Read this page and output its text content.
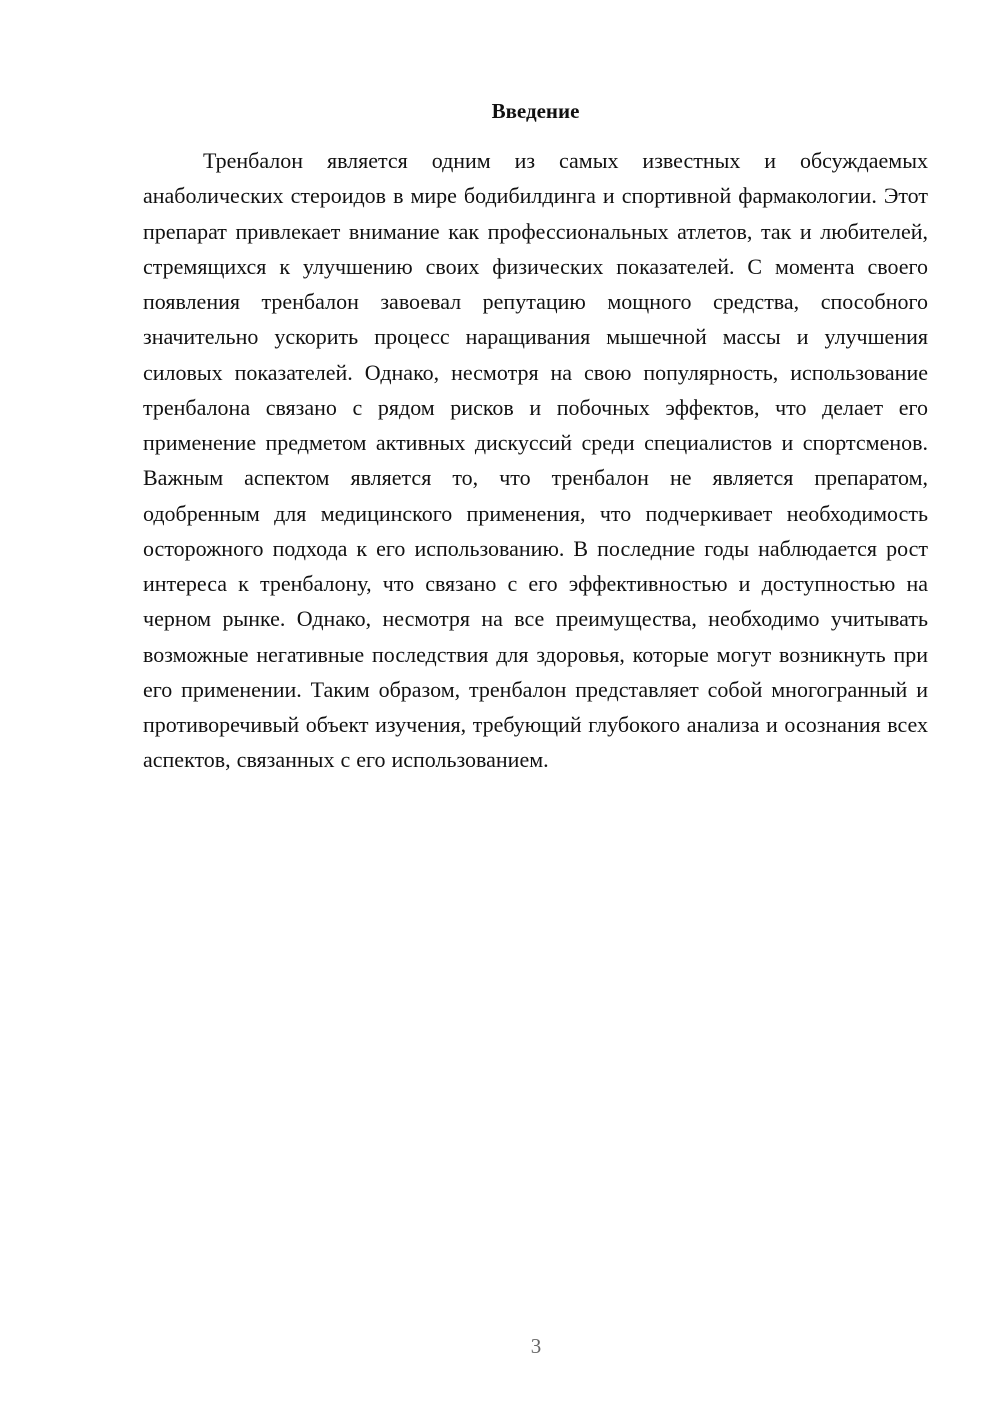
Введение

Тренбалон является одним из самых известных и обсуждаемых анаболических стероидов в мире бодибилдинга и спортивной фармакологии. Этот препарат привлекает внимание как профессиональных атлетов, так и любителей, стремящихся к улучшению своих физических показателей. С момента своего появления тренбалон завоевал репутацию мощного средства, способного значительно ускорить процесс наращивания мышечной массы и улучшения силовых показателей. Однако, несмотря на свою популярность, использование тренбалона связано с рядом рисков и побочных эффектов, что делает его применение предметом активных дискуссий среди специалистов и спортсменов. Важным аспектом является то, что тренбалон не является препаратом, одобренным для медицинского применения, что подчеркивает необходимость осторожного подхода к его использованию. В последние годы наблюдается рост интереса к тренбалону, что связано с его эффективностью и доступностью на черном рынке. Однако, несмотря на все преимущества, необходимо учитывать возможные негативные последствия для здоровья, которые могут возникнуть при его применении. Таким образом, тренбалон представляет собой многогранный и противоречивый объект изучения, требующий глубокого анализа и осознания всех аспектов, связанных с его использованием.

3
